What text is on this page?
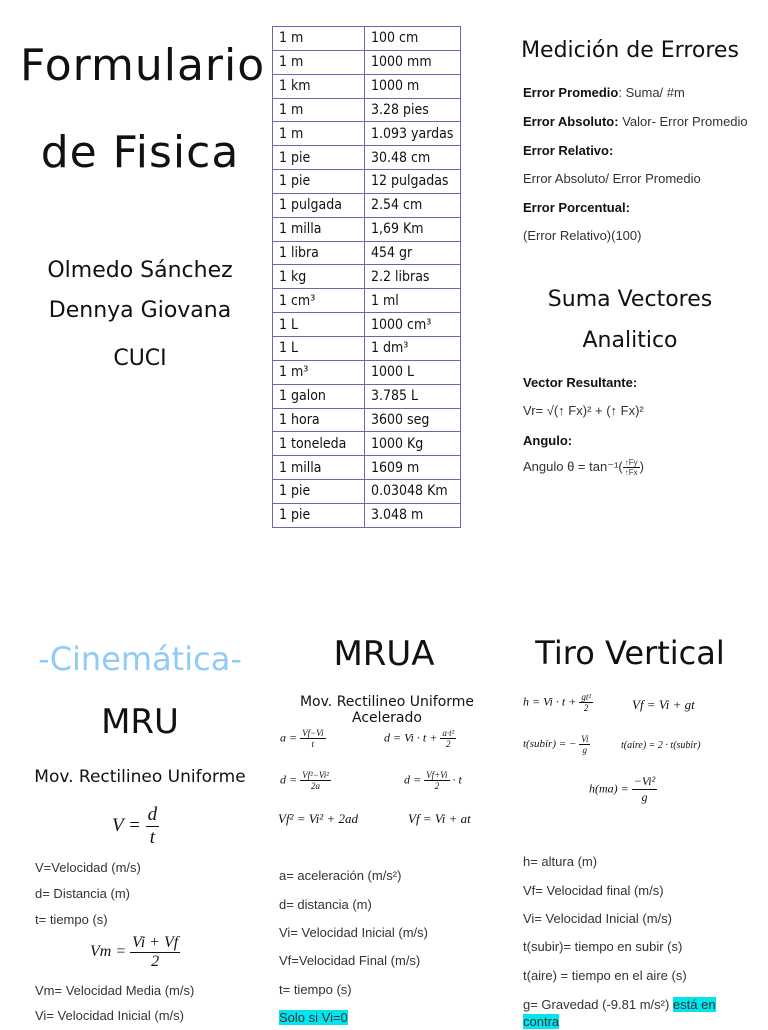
Formulario
de Fisica
Olmedo Sánchez
Dennya Giovana
CUCI
1 m	100 cm
1 m	1000 mm
1 km	1000 m
1 m	3.28 pies
1 m	1.093 yardas
1 pie	30.48 cm
1 pie	12 pulgadas
1 pulgada	2.54 cm
1 milla	1,69 Km
1 libra	454 gr
1 kg	2.2 libras
1 cm³	1 ml
1 L	1000 cm³
1 L	1 dm³
1 m³	1000 L
1 galon	3.785 L
1 hora	3600 seg
1 toneleda	1000 Kg
1 milla	1609 m
1 pie	0.03048 Km
1 pie	3.048 m
Medición de Errores
Error Promedio: Suma/ #m
Error Absoluto: Valor- Error Promedio
Error Relativo:
Error Absoluto/ Error Promedio
Error Porcentual:
(Error Relativo)(100)
Suma Vectores
Analitico
Vector Resultante:
Vr= √(↑ Fx)² + (↑ Fx)²
Angulo:
Angulo $\theta = \tan^{-1}( \frac{↑Fy}{↑Fx}$ )
-Cinemática-
MRU
Mov. Rectilineo Uniforme
$V = \frac{d}{t}$
V=Velocidad (m/s)
d= Distancia (m)
t= tiempo (s)
$Vm = \frac{Vi + Vf}{2}$
Vm= Velocidad Media (m/s)
Vi= Velocidad Inicial (m/s)
MRUA
Mov. Rectilineo Uniforme Acelerado
$a = \frac{Vf-Vi}{t}$	$d = Vi \cdot t + \frac{\text{a·t²}}{2}$
$d = \frac{\text{Vf²−Vi²}}{2a}$	$d = \frac{Vf+Vi}{2} \cdot t$
Vf² = Vi² + 2ad	Vf = Vi + at
a= aceleración (m/s²)
d= distancia (m)
Vi= Velocidad Inicial (m/s)
Vf=Velocidad Final (m/s)
t= tiempo (s)
Solo si Vi=0
Tiro Vertical
$h = Vi \cdot t + \frac{\text{gt²}}{2}$	Vf = Vi + gt
t(subir) = − $\frac{Vi}{g}$	t(aire) = 2 · t(subir)
$h(ma) = \frac{\text{−Vi²}}{g}$
h= altura (m)
Vf= Velocidad final (m/s)
Vi= Velocidad Inicial (m/s)
t(subir)= tiempo en subir (s)
t(aire) = tiempo en el aire (s)
g= Gravedad (-9.81 m/s²) está en contra
